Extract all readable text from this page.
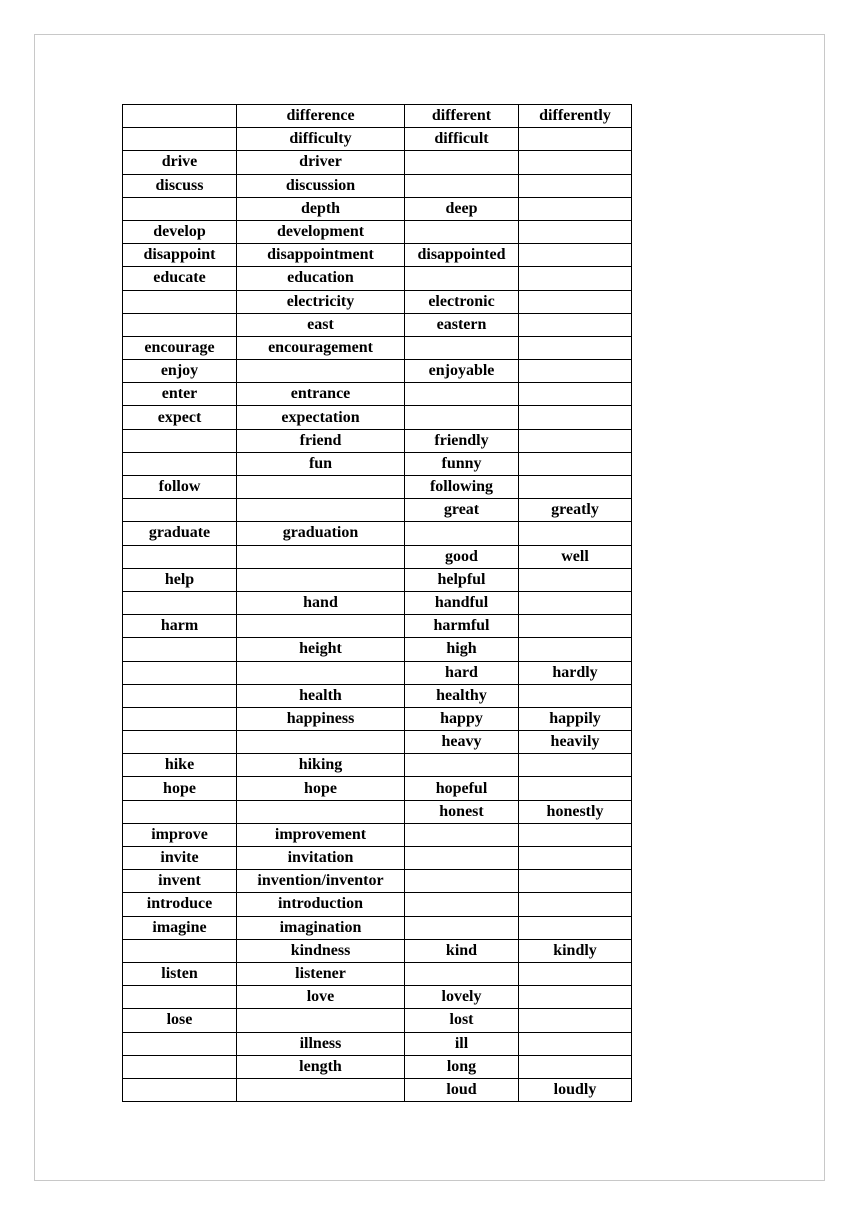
	difference	different	differently
	difficulty	difficult	
drive	driver		
discuss	discussion		
	depth	deep	
develop	development		
disappoint	disappointment	disappointed	
educate	education		
	electricity	electronic	
	east	eastern	
encourage	encouragement		
enjoy		enjoyable	
enter	entrance		
expect	expectation		
	friend	friendly	
	fun	funny	
follow		following	
		great	greatly
graduate	graduation		
		good	well
help		helpful	
	hand	handful	
harm		harmful	
	height	high	
		hard	hardly
	health	healthy	
	happiness	happy	happily
		heavy	heavily
hike	hiking		
hope	hope	hopeful	
		honest	honestly
improve	improvement		
invite	invitation		
invent	invention/inventor		
introduce	introduction		
imagine	imagination		
	kindness	kind	kindly
listen	listener		
	love	lovely	
lose		lost	
	illness	ill	
	length	long	
		loud	loudly
